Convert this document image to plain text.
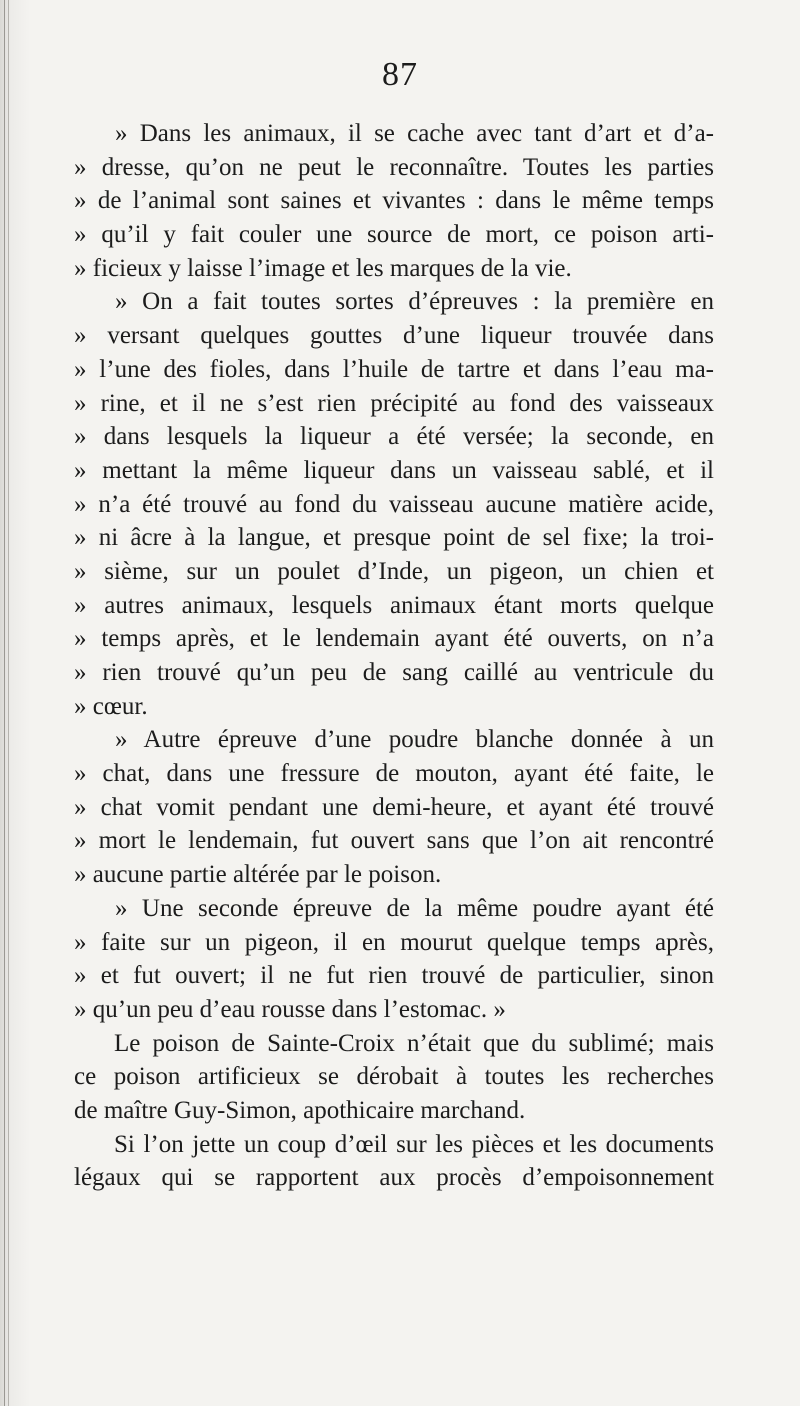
87
» Dans les animaux, il se cache avec tant d’art et d’a-
» dresse, qu’on ne peut le reconnaître. Toutes les parties
» de l’animal sont saines et vivantes : dans le même temps
» qu’il y fait couler une source de mort, ce poison arti-
» ficieux y laisse l’image et les marques de la vie.
» On a fait toutes sortes d’épreuves : la première en
» versant quelques gouttes d’une liqueur trouvée dans
» l’une des fioles, dans l’huile de tartre et dans l’eau ma-
» rine, et il ne s’est rien précipité au fond des vaisseaux
» dans lesquels la liqueur a été versée; la seconde, en
» mettant la même liqueur dans un vaisseau sablé, et il
» n’a été trouvé au fond du vaisseau aucune matière acide,
» ni âcre à la langue, et presque point de sel fixe; la troi-
» sième, sur un poulet d’Inde, un pigeon, un chien et
» autres animaux, lesquels animaux étant morts quelque
» temps après, et le lendemain ayant été ouverts, on n’a
» rien trouvé qu’un peu de sang caillé au ventricule du
» cœur.
» Autre épreuve d’une poudre blanche donnée à un
» chat, dans une fressure de mouton, ayant été faite, le
» chat vomit pendant une demi-heure, et ayant été trouvé
» mort le lendemain, fut ouvert sans que l’on ait rencontré
» aucune partie altérée par le poison.
» Une seconde épreuve de la même poudre ayant été
» faite sur un pigeon, il en mourut quelque temps après,
» et fut ouvert; il ne fut rien trouvé de particulier, sinon
» qu’un peu d’eau rousse dans l’estomac. »
Le poison de Sainte-Croix n’était que du sublimé; mais
ce poison artificieux se dérobait à toutes les recherches
de maître Guy-Simon, apothicaire marchand.
Si l’on jette un coup d’œil sur les pièces et les documents
légaux qui se rapportent aux procès d’empoisonnement
